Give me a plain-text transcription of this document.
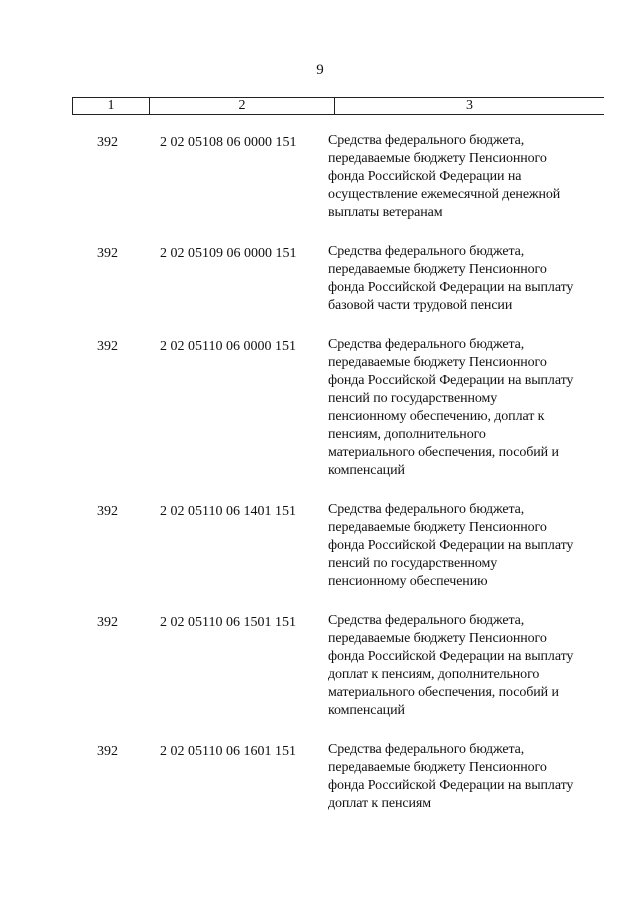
9
1	2	3
392	2 02 05108 06 0000 151	Средства федерального бюджета,
передаваемые бюджету Пенсионного
фонда Российской Федерации на
осуществление ежемесячной денежной
выплаты ветеранам
392	2 02 05109 06 0000 151	Средства федерального бюджета,
передаваемые бюджету Пенсионного
фонда Российской Федерации на выплату
базовой части трудовой пенсии
392	2 02 05110 06 0000 151	Средства федерального бюджета,
передаваемые бюджету Пенсионного
фонда Российской Федерации на выплату
пенсий по государственному
пенсионному обеспечению, доплат к
пенсиям, дополнительного
материального обеспечения, пособий и
компенсаций
392	2 02 05110 06 1401 151	Средства федерального бюджета,
передаваемые бюджету Пенсионного
фонда Российской Федерации на выплату
пенсий по государственному
пенсионному обеспечению
392	2 02 05110 06 1501 151	Средства федерального бюджета,
передаваемые бюджету Пенсионного
фонда Российской Федерации на выплату
доплат к пенсиям, дополнительного
материального обеспечения, пособий и
компенсаций
392	2 02 05110 06 1601 151	Средства федерального бюджета,
передаваемые бюджету Пенсионного
фонда Российской Федерации на выплату
доплат к пенсиям
